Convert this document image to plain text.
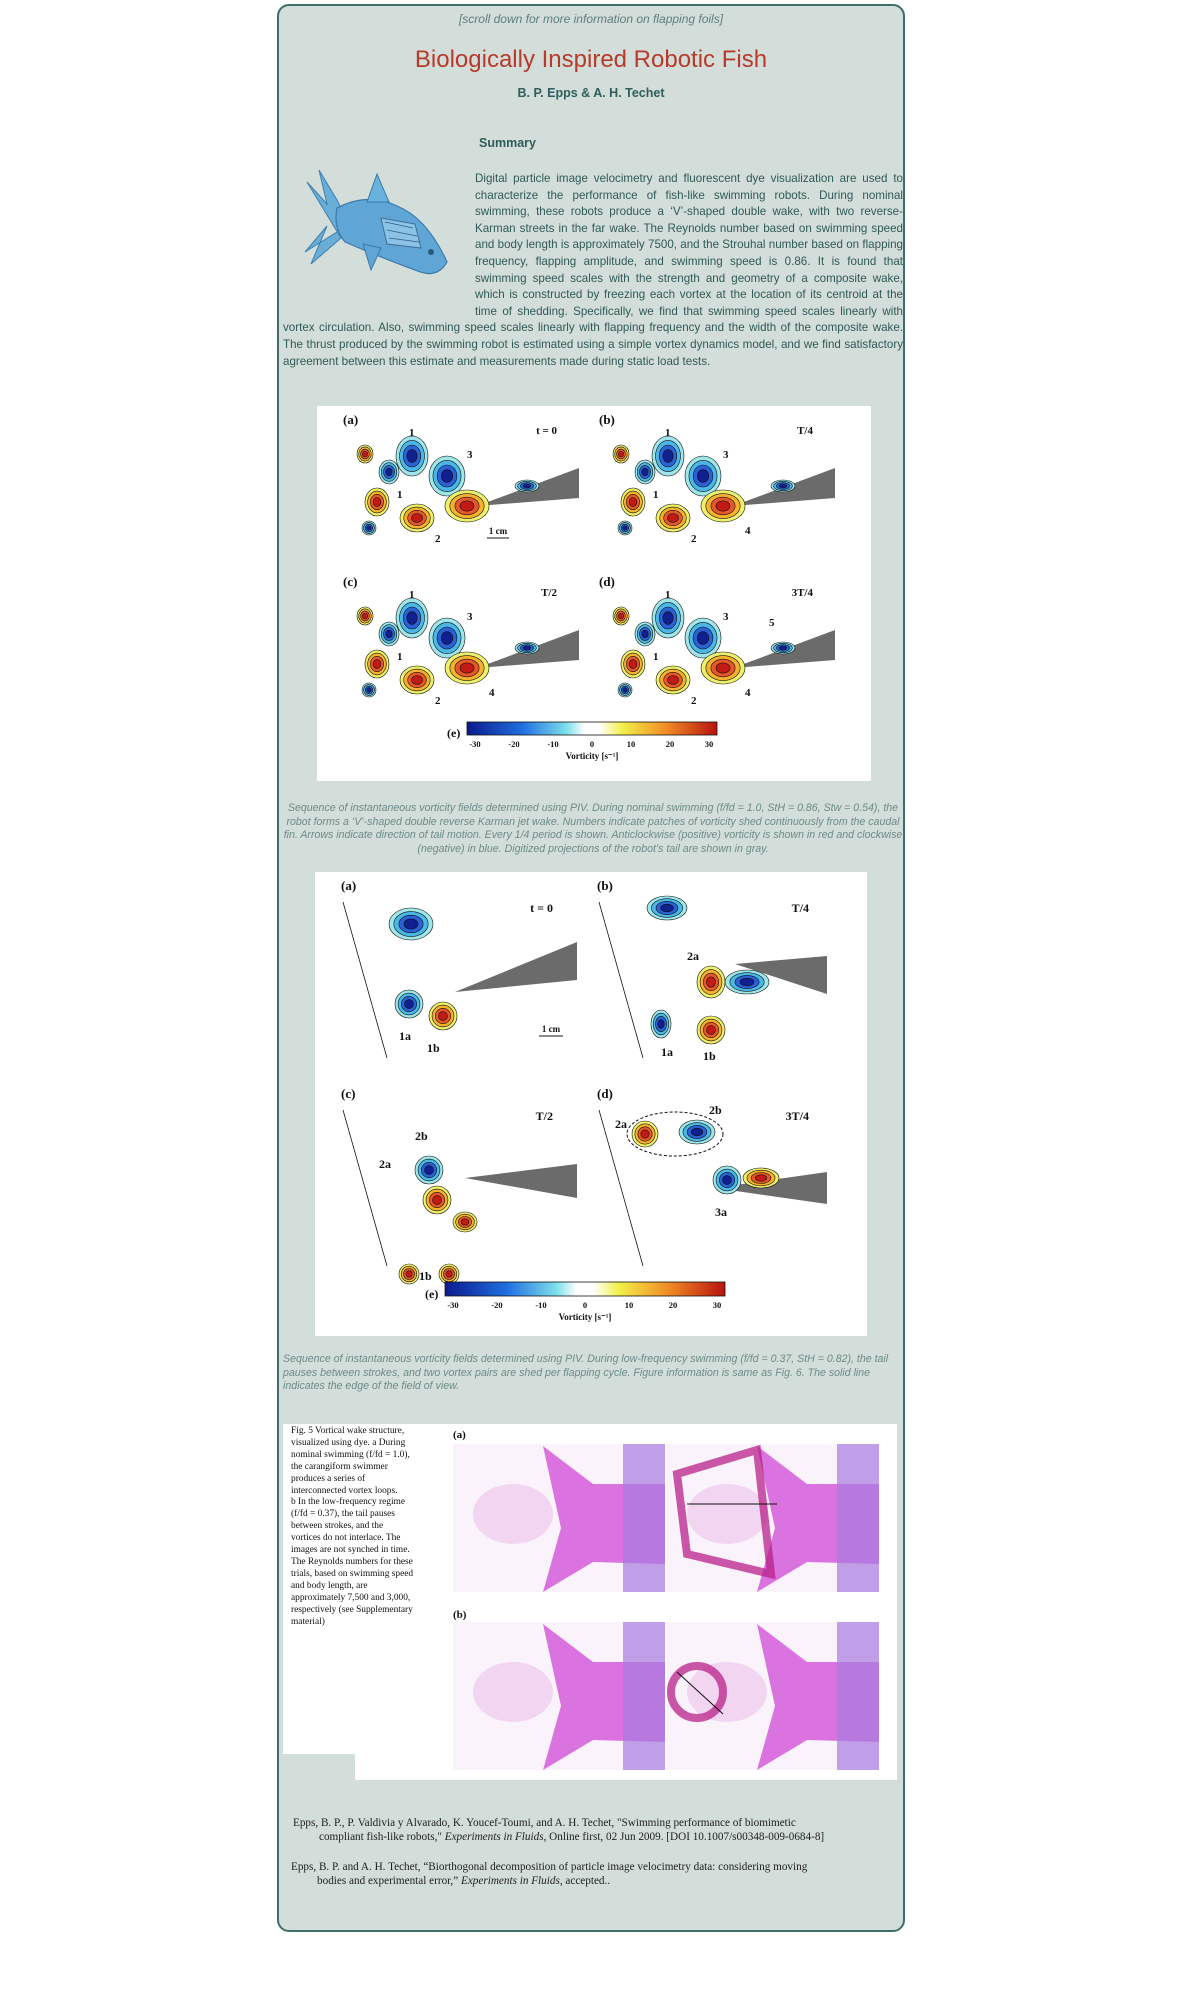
[scroll down for more information on flapping foils]
Biologically Inspired Robotic Fish
B. P. Epps & A. H. Techet
Summary
Digital particle image velocimetry and fluorescent dye visualization are used to characterize the performance of fish-like swimming robots. During nominal swimming, these robots produce a ‘V’-shaped double wake, with two reverse-Karman streets in the far wake. The Reynolds number based on swimming speed and body length is approximately 7500, and the Strouhal number based on flapping frequency, flapping amplitude, and swimming speed is 0.86. It is found that swimming speed scales with the strength and geometry of a composite wake, which is constructed by freezing each vortex at the location of its centroid at the time of shedding. Specifically, we find that swimming speed scales linearly with vortex circulation. Also, swimming speed scales linearly with flapping frequency and the width of the composite wake. The thrust produced by the swimming robot is estimated using a simple vortex dynamics model, and we find satisfactory agreement between this estimate and measurements made during static load tests.
(a)
t = 0
1
1
2
3
1 cm
(b)
T/4
1
1
2
3
4
(c)
T/2
1
1
2
3
4
(d)
3T/4
1
1
2
3
4
5
(e)
-30	-20	-10	0	10	20	30
Vorticity [s⁻¹]
Sequence of instantaneous vorticity fields determined using PIV. During nominal swimming (f/fd = 1.0, StH = 0.86, Stw = 0.54), the robot forms a ‘V’-shaped double reverse Karman jet wake. Numbers indicate patches of vorticity shed continuously from the caudal fin. Arrows indicate direction of tail motion. Every 1/4 period is shown. Anticlockwise (positive) vorticity is shown in red and clockwise (negative) in blue. Digitized projections of the robot’s tail are shown in gray.
(a)
t = 0
(b)
T/4
(c)
T/2
(d)
3T/4
1a
1b
1 cm
2a
1a	1b
2b
2a
1b
2a
2b
3a
(e)
-30	-20	-10	0	10	20	30
Vorticity [s⁻¹]
Sequence of instantaneous vorticity fields determined using PIV. During low-frequency swimming (f/fd = 0.37, StH = 0.82), the tail pauses between strokes, and two vortex pairs are shed per flapping cycle. Figure information is same as Fig. 6. The solid line indicates the edge of the field of view.
Fig. 5 Vortical wake structure,
visualized using dye. a During
nominal swimming (f/fd = 1.0),
the carangiform swimmer
produces a series of
interconnected vortex loops.
b In the low-frequency regime
(f/fd = 0.37), the tail pauses
between strokes, and the
vortices do not interlace. The
images are not synched in time.
The Reynolds numbers for these
trials, based on swimming speed
and body length, are
approximately 7,500 and 3,000,
respectively (see Supplementary
material)
(a)
(b)
Epps, B. P., P. Valdivia y Alvarado, K. Youcef-Toumi, and A. H. Techet, "Swimming performance of biomimetic
compliant fish-like robots," Experiments in Fluids, Online first, 02 Jun 2009. [DOI 10.1007/s00348-009-0684-8]
Epps, B. P. and A. H. Techet, “Biorthogonal decomposition of particle image velocimetry data: considering moving
bodies and experimental error,” Experiments in Fluids, accepted..
